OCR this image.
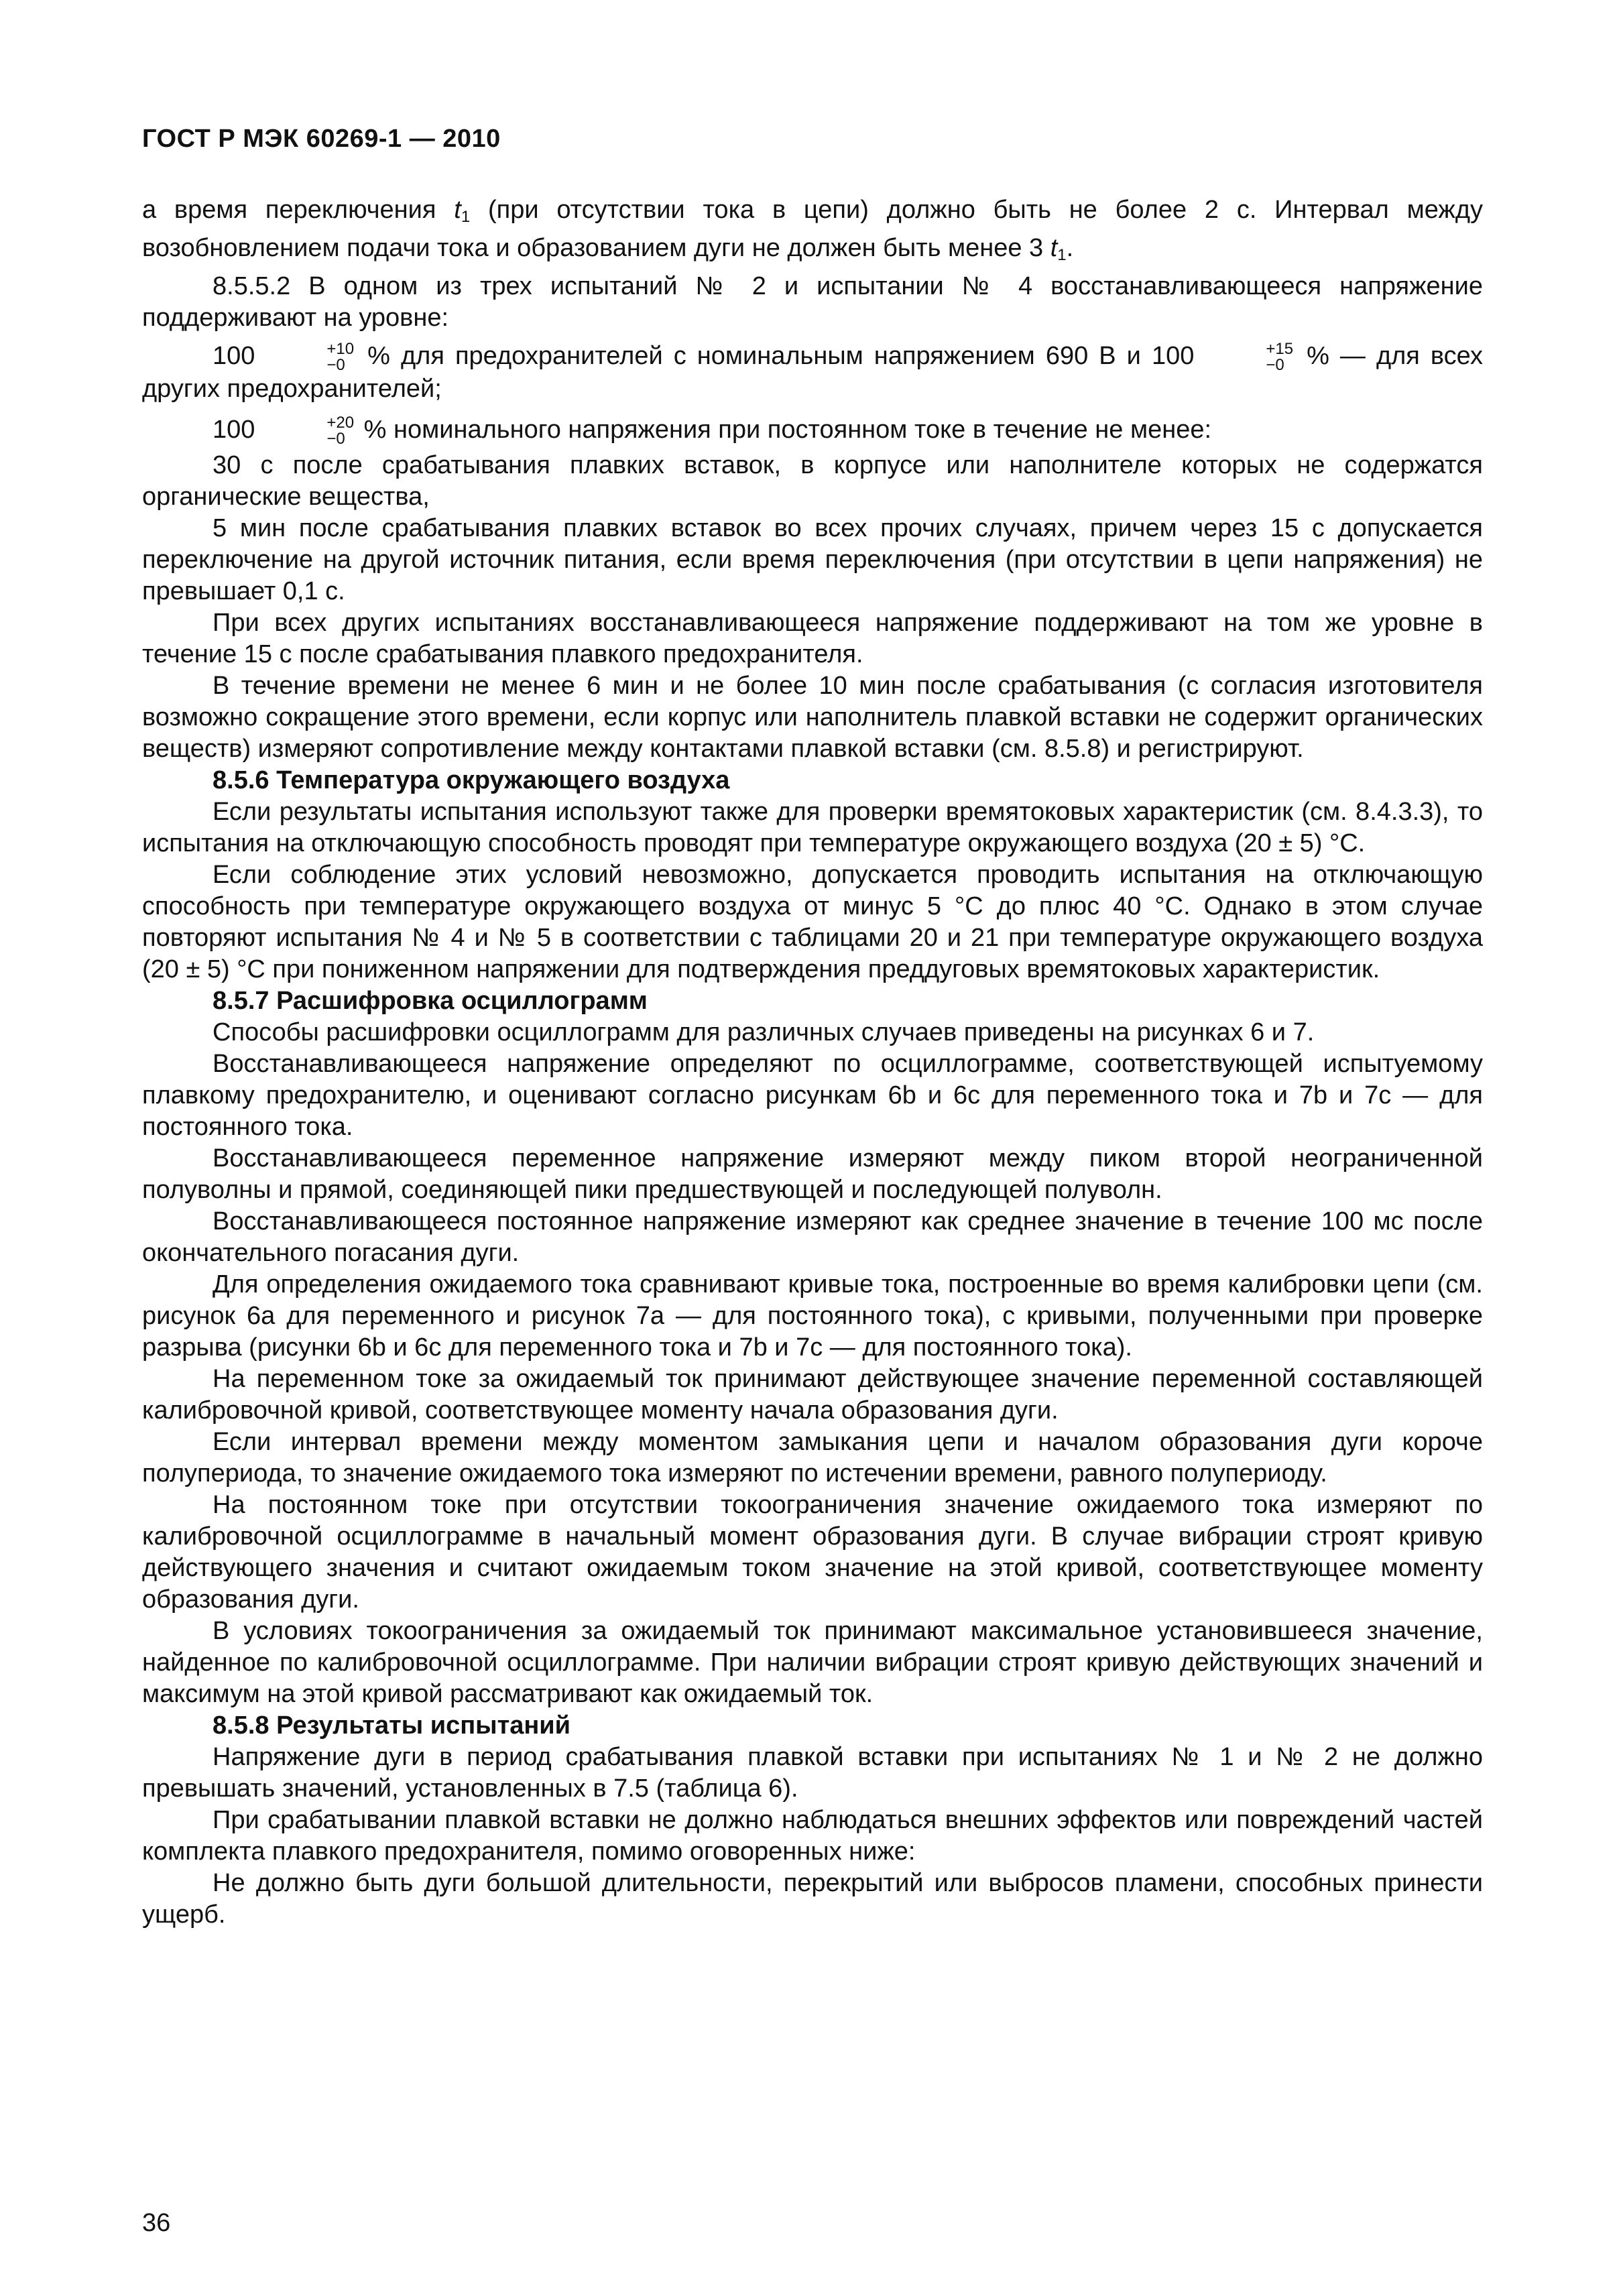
ГОСТ Р МЭК 60269-1 — 2010

а время переключения $t_1$ (при отсутствии тока в цепи) должно быть не более 2 с. Интервал между возобновлением подачи тока и образованием дуги не должен быть менее 3 $t_1$.

8.5.5.2 В одном из трех испытаний № 2 и испытании № 4 восстанавливающееся напряжение поддерживают на уровне:

100	+10
−0 % для предохранителей с номинальным напряжением 690 В и 100	+15
−0 % — для всех других предохранителей;

100	+20
−0 % номинального напряжения при постоянном токе в течение не менее:

30 с после срабатывания плавких вставок, в корпусе или наполнителе которых не содержатся органические вещества,

5 мин после срабатывания плавких вставок во всех прочих случаях, причем через 15 с допускается переключение на другой источник питания, если время переключения (при отсутствии в цепи напряжения) не превышает 0,1 с.

При всех других испытаниях восстанавливающееся напряжение поддерживают на том же уровне в течение 15 с после срабатывания плавкого предохранителя.

В течение времени не менее 6 мин и не более 10 мин после срабатывания (с согласия изготовителя возможно сокращение этого времени, если корпус или наполнитель плавкой вставки не содержит органических веществ) измеряют сопротивление между контактами плавкой вставки (см. 8.5.8) и регистрируют.

8.5.6 Температура окружающего воздуха

Если результаты испытания используют также для проверки времятоковых характеристик (см. 8.4.3.3), то испытания на отключающую способность проводят при температуре окружающего воздуха (20 ± 5) °С.

Если соблюдение этих условий невозможно, допускается проводить испытания на отключающую способность при температуре окружающего воздуха от минус 5 °С до плюс 40 °С. Однако в этом случае повторяют испытания № 4 и № 5 в соответствии с таблицами 20 и 21 при температуре окружающего воздуха (20 ± 5) °С при пониженном напряжении для подтверждения преддуговых времятоковых характеристик.

8.5.7 Расшифровка осциллограмм

Способы расшифровки осциллограмм для различных случаев приведены на рисунках 6 и 7.

Восстанавливающееся напряжение определяют по осциллограмме, соответствующей испытуемому плавкому предохранителю, и оценивают согласно рисункам 6b и 6c для переменного тока и 7b и 7c — для постоянного тока.

Восстанавливающееся переменное напряжение измеряют между пиком второй неограниченной полуволны и прямой, соединяющей пики предшествующей и последующей полуволн.

Восстанавливающееся постоянное напряжение измеряют как среднее значение в течение 100 мс после окончательного погасания дуги.

Для определения ожидаемого тока сравнивают кривые тока, построенные во время калибровки цепи (см. рисунок 6а для переменного и рисунок 7а — для постоянного тока), с кривыми, полученными при проверке разрыва (рисунки 6b и 6c для переменного тока и 7b и 7c — для постоянного тока).

На переменном токе за ожидаемый ток принимают действующее значение переменной составляющей калибровочной кривой, соответствующее моменту начала образования дуги.

Если интервал времени между моментом замыкания цепи и началом образования дуги короче полупериода, то значение ожидаемого тока измеряют по истечении времени, равного полупериоду.

На постоянном токе при отсутствии токоограничения значение ожидаемого тока измеряют по калибровочной осциллограмме в начальный момент образования дуги. В случае вибрации строят кривую действующего значения и считают ожидаемым током значение на этой кривой, соответствующее моменту образования дуги.

В условиях токоограничения за ожидаемый ток принимают максимальное установившееся значение, найденное по калибровочной осциллограмме. При наличии вибрации строят кривую действующих значений и максимум на этой кривой рассматривают как ожидаемый ток.

8.5.8 Результаты испытаний

Напряжение дуги в период срабатывания плавкой вставки при испытаниях № 1 и № 2 не должно превышать значений, установленных в 7.5 (таблица 6).

При срабатывании плавкой вставки не должно наблюдаться внешних эффектов или повреждений частей комплекта плавкого предохранителя, помимо оговоренных ниже:

Не должно быть дуги большой длительности, перекрытий или выбросов пламени, способных принести ущерб.

36
